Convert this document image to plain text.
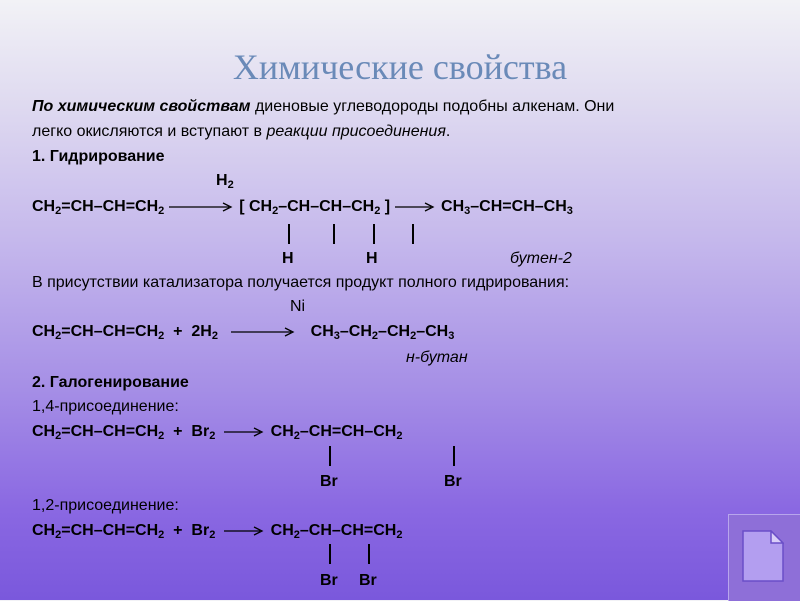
Химические свойства
По химическим свойствам диеновые углеводороды подобны алкенам. Они
легко окисляются и вступают в реакции присоединения.
1. Гидрирование
$H_2$
$CH_2=CH-CH=CH_2$	[ $CH_2-CH-CH-CH_2$ ]	$CH_3-CH=CH-CH_3$
H	H	бутен-2
В присутствии катализатора получается продукт полного гидрирования:
Ni
$CH_2=CH-CH=CH_2 + 2H_2$	$CH_3-CH_2-CH_2-CH_3$
н-бутан
2. Галогенирование
1,4-присоединение:
$CH_2=CH-CH=CH_2 + Br_2$	$CH_2-CH=CH-CH_2$
Br	Br
1,2-присоединение:
$CH_2=CH-CH=CH_2 + Br_2$	$CH_2-CH-CH=CH_2$
Br Br
